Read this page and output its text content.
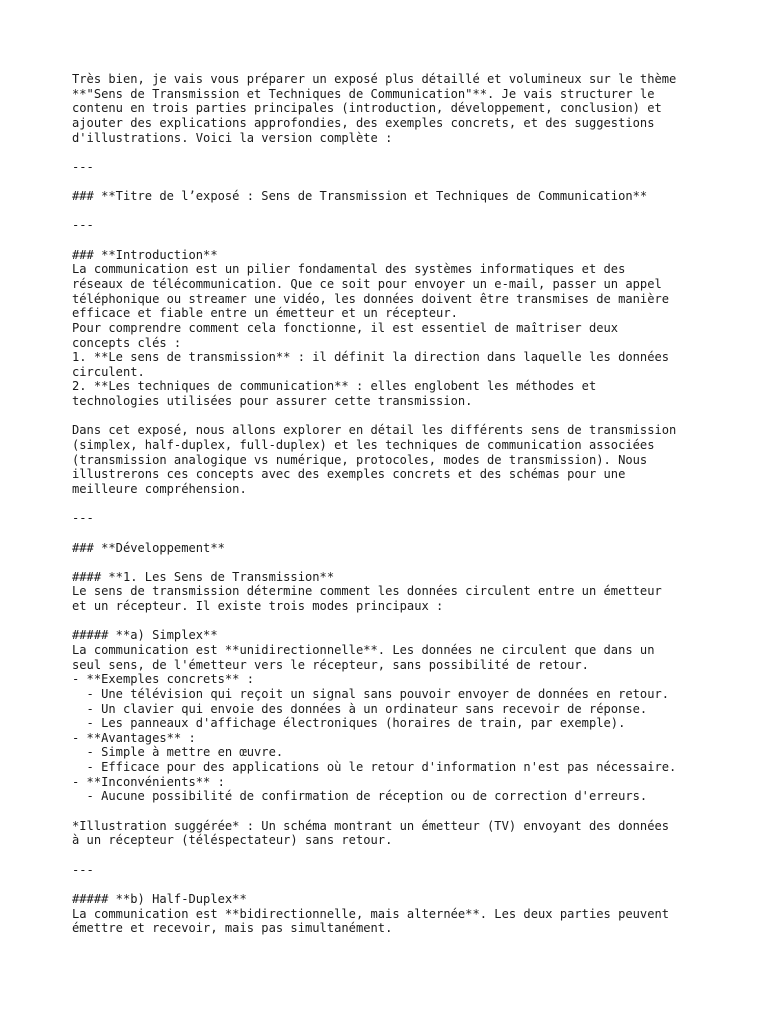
Très bien, je vais vous préparer un exposé plus détaillé et volumineux sur le thème
**"Sens de Transmission et Techniques de Communication"**. Je vais structurer le
contenu en trois parties principales (introduction, développement, conclusion) et
ajouter des explications approfondies, des exemples concrets, et des suggestions
d'illustrations. Voici la version complète :
---
### **Titre de l’exposé : Sens de Transmission et Techniques de Communication**
---
### **Introduction**
La communication est un pilier fondamental des systèmes informatiques et des
réseaux de télécommunication. Que ce soit pour envoyer un e-mail, passer un appel
téléphonique ou streamer une vidéo, les données doivent être transmises de manière
efficace et fiable entre un émetteur et un récepteur.
Pour comprendre comment cela fonctionne, il est essentiel de maîtriser deux
concepts clés :
1. **Le sens de transmission** : il définit la direction dans laquelle les données
circulent.
2. **Les techniques de communication** : elles englobent les méthodes et
technologies utilisées pour assurer cette transmission.
Dans cet exposé, nous allons explorer en détail les différents sens de transmission
(simplex, half-duplex, full-duplex) et les techniques de communication associées
(transmission analogique vs numérique, protocoles, modes de transmission). Nous
illustrerons ces concepts avec des exemples concrets et des schémas pour une
meilleure compréhension.
---
### **Développement**
#### **1. Les Sens de Transmission**
Le sens de transmission détermine comment les données circulent entre un émetteur
et un récepteur. Il existe trois modes principaux :
##### **a) Simplex**
La communication est **unidirectionnelle**. Les données ne circulent que dans un
seul sens, de l'émetteur vers le récepteur, sans possibilité de retour.
- **Exemples concrets** :
- Une télévision qui reçoit un signal sans pouvoir envoyer de données en retour.
- Un clavier qui envoie des données à un ordinateur sans recevoir de réponse.
- Les panneaux d'affichage électroniques (horaires de train, par exemple).
- **Avantages** :
- Simple à mettre en œuvre.
- Efficace pour des applications où le retour d'information n'est pas nécessaire.
- **Inconvénients** :
- Aucune possibilité de confirmation de réception ou de correction d'erreurs.
*Illustration suggérée* : Un schéma montrant un émetteur (TV) envoyant des données
à un récepteur (téléspectateur) sans retour.
---
##### **b) Half-Duplex**
La communication est **bidirectionnelle, mais alternée**. Les deux parties peuvent
émettre et recevoir, mais pas simultanément.
